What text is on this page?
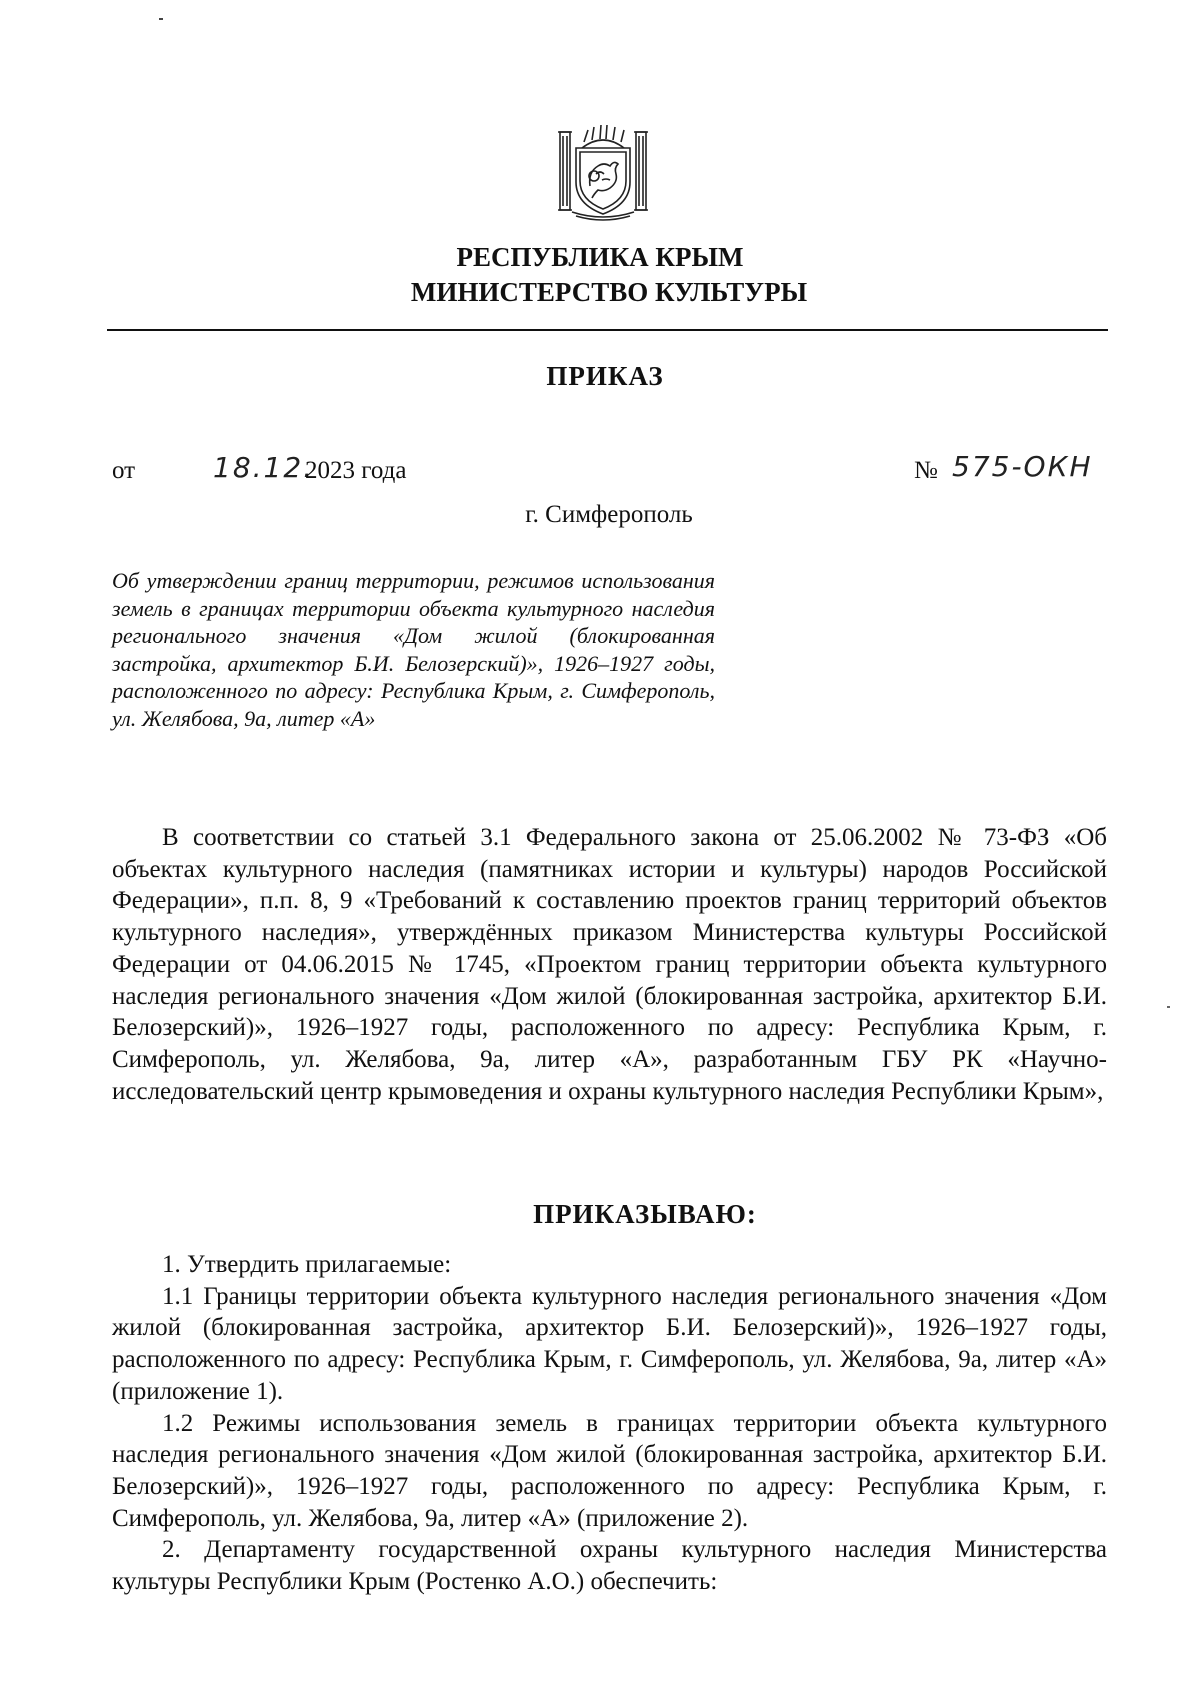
РЕСПУБЛИКА КРЫМ
МИНИСТЕРСТВО КУЛЬТУРЫ
ПРИКАЗ
от	18.12.
2023 года	№ 575-ОКН
г. Симферополь
Об утверждении границ территории, режимов использования земель в границах территории объекта культурного наследия регионального значения «Дом жилой (блокированная застройка, архитектор Б.И. Белозерский)», 1926–1927 годы, расположенного по адресу: Республика Крым, г. Симферополь, ул. Желябова, 9а, литер «А»

В соответствии со статьей 3.1 Федерального закона от 25.06.2002 № 73-ФЗ «Об объектах культурного наследия (памятниках истории и культуры) народов Российской Федерации», п.п. 8, 9 «Требований к составлению проектов границ территорий объектов культурного наследия», утверждённых приказом Министерства культуры Российской Федерации от 04.06.2015 № 1745, «Проектом границ территории объекта культурного наследия регионального значения «Дом жилой (блокированная застройка, архитектор Б.И. Белозерский)», 1926–1927 годы, расположенного по адресу: Республика Крым, г. Симферополь, ул. Желябова, 9а, литер «А», разработанным ГБУ РК «Научно-исследовательский центр крымоведения и охраны культурного наследия Республики Крым»,

ПРИКАЗЫВАЮ:

1. Утвердить прилагаемые:

1.1 Границы территории объекта культурного наследия регионального значения «Дом жилой (блокированная застройка, архитектор Б.И. Белозерский)», 1926–1927 годы, расположенного по адресу: Республика Крым, г. Симферополь, ул. Желябова, 9а, литер «А» (приложение 1).

1.2 Режимы использования земель в границах территории объекта культурного наследия регионального значения «Дом жилой (блокированная застройка, архитектор Б.И. Белозерский)», 1926–1927 годы, расположенного по адресу: Республика Крым, г. Симферополь, ул. Желябова, 9а, литер «А» (приложение 2).

2. Департаменту государственной охраны культурного наследия Министерства культуры Республики Крым (Ростенко А.О.) обеспечить:
